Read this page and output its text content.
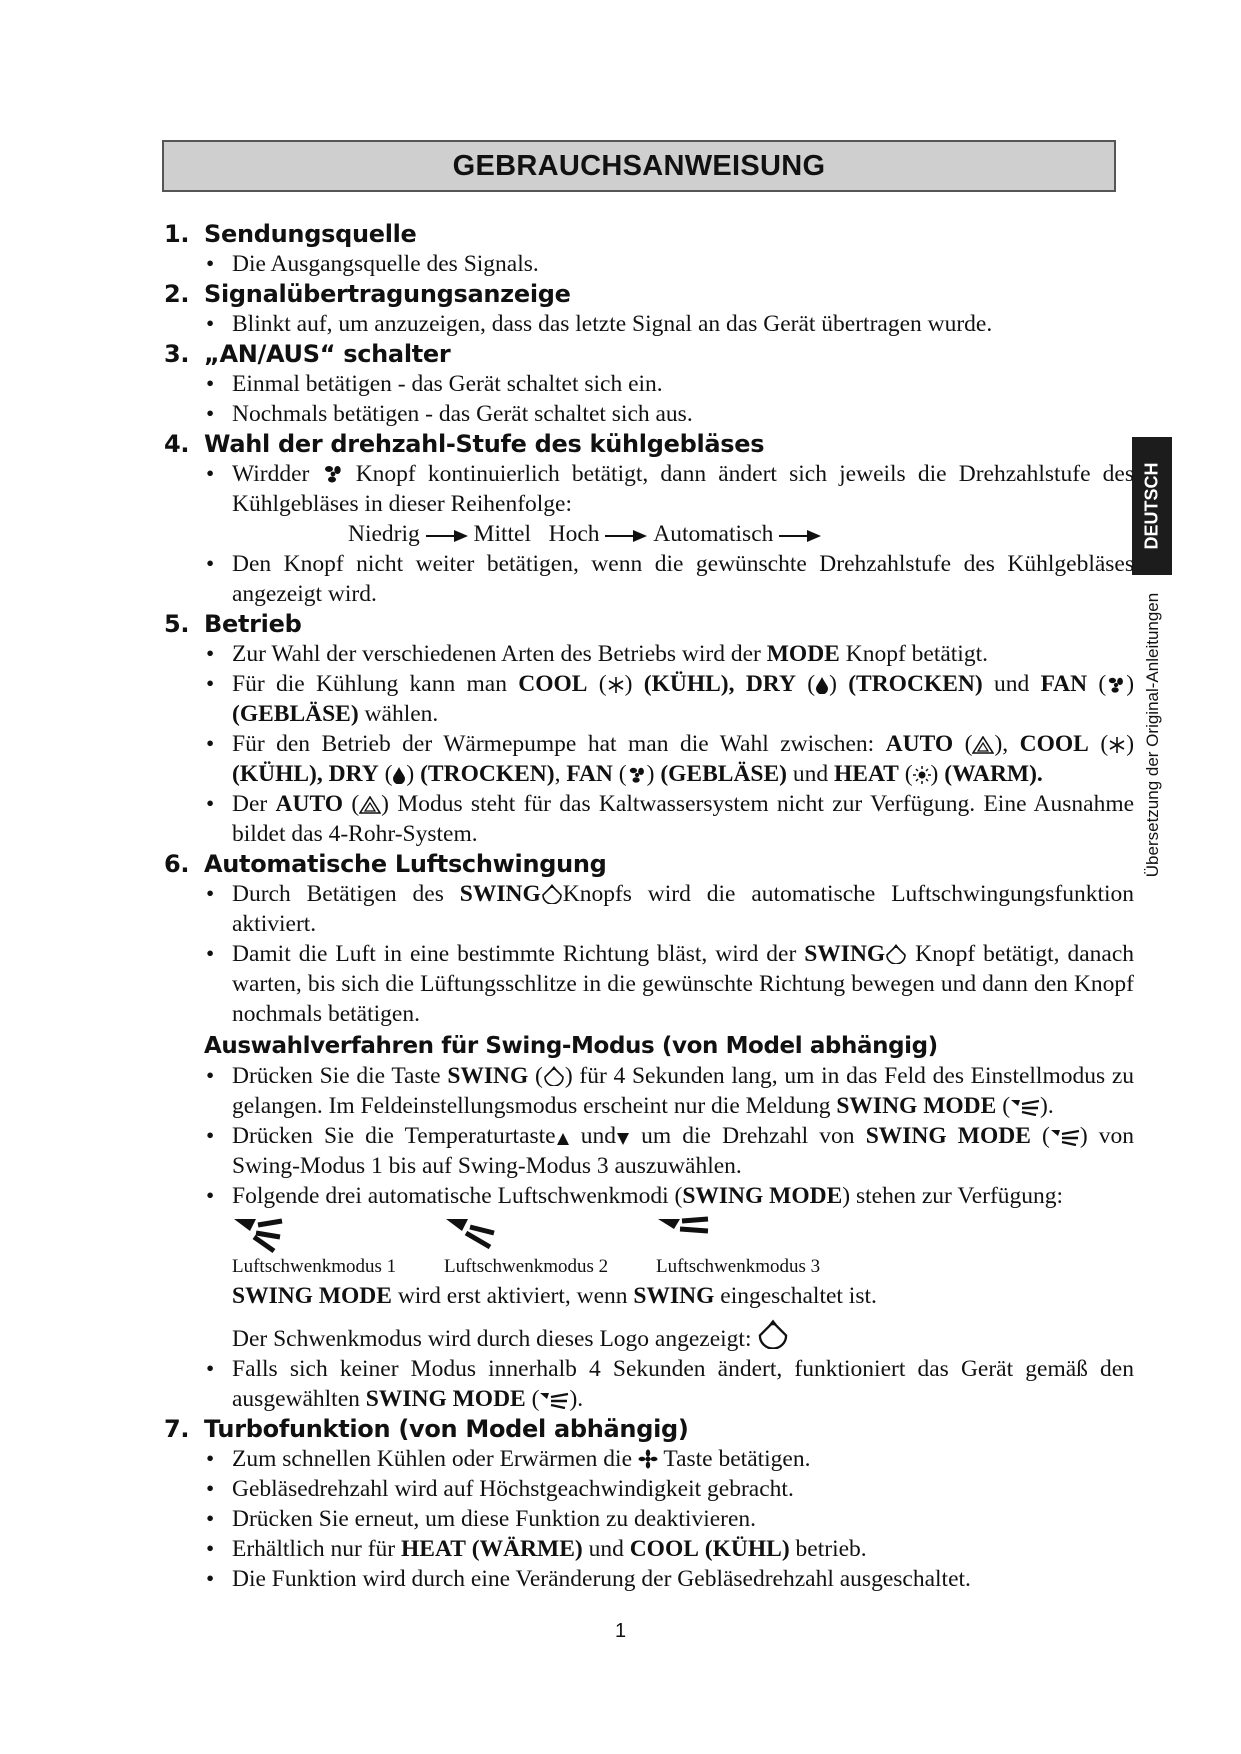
GEBRAUCHSANWEISUNG
DEUTSCH
Übersetzung der Original-Anleitungen
1. Sendungsquelle
• Die Ausgangsquelle des Signals.
2. Signalübertragungsanzeige
• Blinkt auf, um anzuzeigen, dass das letzte Signal an das Gerät übertragen wurde.
3. „AN/AUS“ schalter
• Einmal betätigen - das Gerät schaltet sich ein.
• Nochmals betätigen - das Gerät schaltet sich aus.
4. Wahl der drehzahl-Stufe des kühlgebläses
• Wirdder Knopf kontinuierlich betätigt, dann ändert sich jeweils die Drehzahlstufe des Kühlgebläses in dieser Reihenfolge:
Niedrig Mittel Hoch Automatisch
• Den Knopf nicht weiter betätigen, wenn die gewünschte Drehzahlstufe des Kühlgebläses angezeigt wird.
5. Betrieb
• Zur Wahl der verschiedenen Arten des Betriebs wird der MODE Knopf betätigt.
• Für die Kühlung kann man COOL ( ) (KÜHL), DRY ( ) (TROCKEN) und FAN ( ) (GEBLÄSE) wählen.
• Für den Betrieb der Wärmepumpe hat man die Wahl zwischen: AUTO ( ), COOL ( ) (KÜHL), DRY ( ) (TROCKEN), FAN ( ) (GEBLÄSE) und HEAT ( ) (WARM).
• Der AUTO ( ) Modus steht für das Kaltwassersystem nicht zur Verfügung. Eine Ausnahme bildet das 4-Rohr-System.
6. Automatische Luftschwingung
• Durch Betätigen des SWING Knopfs wird die automatische Luftschwingungsfunktion aktiviert.
• Damit die Luft in eine bestimmte Richtung bläst, wird der SWING Knopf betätigt, danach warten, bis sich die Lüftungsschlitze in die gewünschte Richtung bewegen und dann den Knopf nochmals betätigen.
Auswahlverfahren für Swing-Modus (von Model abhängig)
• Drücken Sie die Taste SWING ( ) für 4 Sekunden lang, um in das Feld des Einstellmodus zu gelangen. Im Feldeinstellungsmodus erscheint nur die Meldung SWING MODE ( ).
• Drücken Sie die Temperaturtaste und um die Drehzahl von SWING MODE ( ) von Swing-Modus 1 bis auf Swing-Modus 3 auszuwählen.
• Folgende drei automatische Luftschwenkmodi (SWING MODE) stehen zur Verfügung:
Luftschwenkmodus 1	Luftschwenkmodus 2	Luftschwenkmodus 3
SWING MODE wird erst aktiviert, wenn SWING eingeschaltet ist.
Der Schwenkmodus wird durch dieses Logo angezeigt:
• Falls sich keiner Modus innerhalb 4 Sekunden ändert, funktioniert das Gerät gemäß den ausgewählten SWING MODE ( ).
7. Turbofunktion (von Model abhängig)
• Zum schnellen Kühlen oder Erwärmen die Taste betätigen.
• Gebläsedrehzahl wird auf Höchstgeachwindigkeit gebracht.
• Drücken Sie erneut, um diese Funktion zu deaktivieren.
• Erhältlich nur für HEAT (WÄRME) und COOL (KÜHL) betrieb.
• Die Funktion wird durch eine Veränderung der Gebläsedrehzahl ausgeschaltet.
1
